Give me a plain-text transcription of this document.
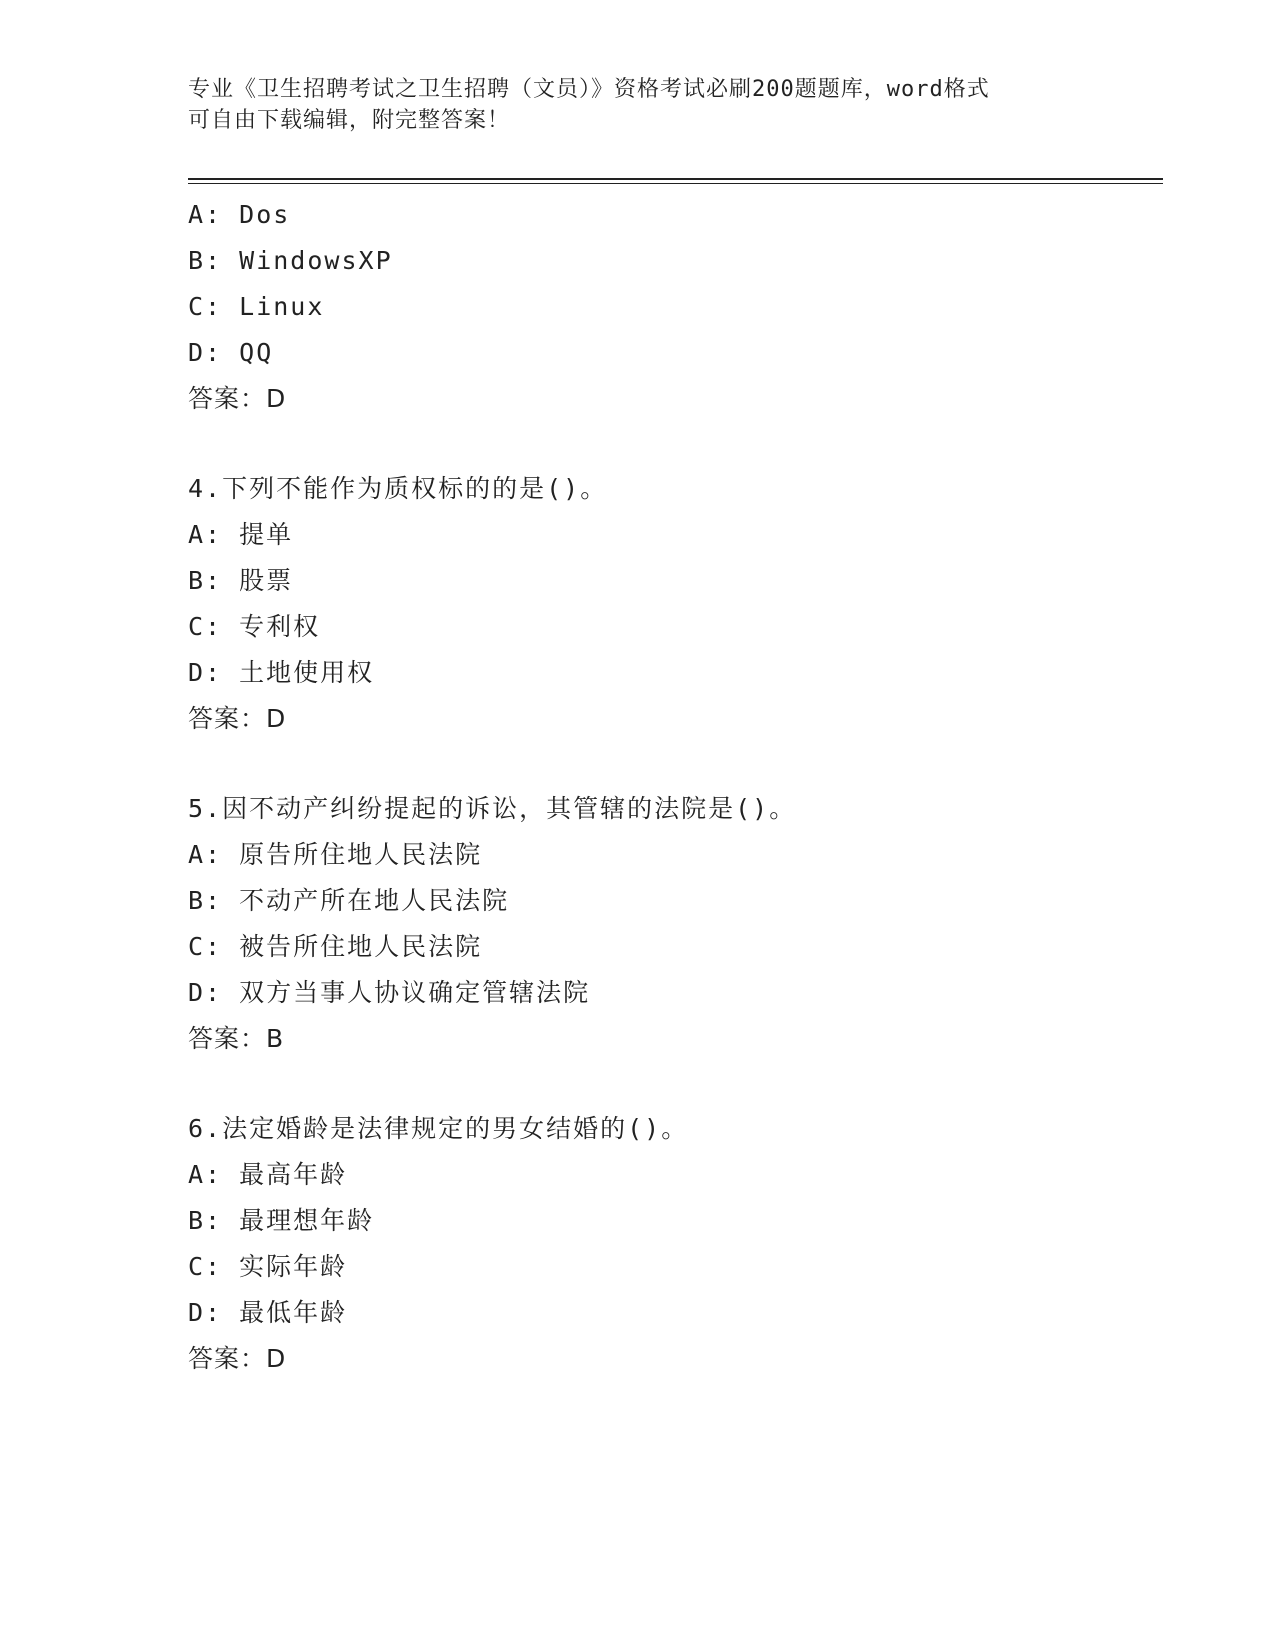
专业《卫生招聘考试之卫生招聘（文员）》资格考试必刷200题题库，word格式
可自由下载编辑，附完整答案！
A: Dos
B: WindowsXP
C: Linux
D: QQ
答案：D
4.下列不能作为质权标的的是()。
A: 提单
B: 股票
C: 专利权
D: 土地使用权
答案：D
5.因不动产纠纷提起的诉讼，其管辖的法院是()。
A: 原告所住地人民法院
B: 不动产所在地人民法院
C: 被告所住地人民法院
D: 双方当事人协议确定管辖法院
答案：B
6.法定婚龄是法律规定的男女结婚的()。
A: 最高年龄
B: 最理想年龄
C: 实际年龄
D: 最低年龄
答案：D
